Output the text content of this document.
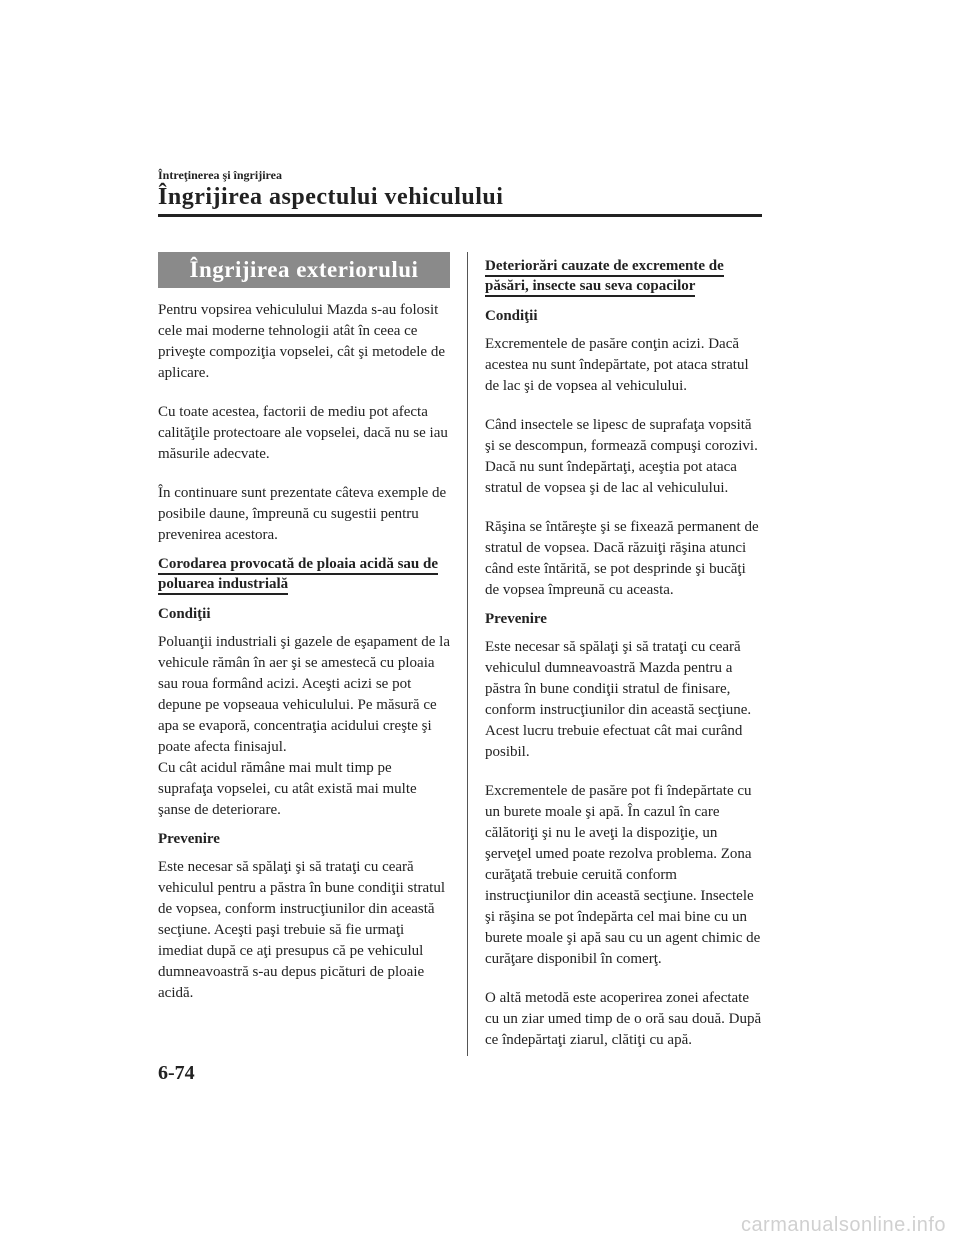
Întreţinerea şi îngrijirea
Îngrijirea aspectului vehiculului
Îngrijirea exteriorului

Pentru vopsirea vehiculului Mazda s-au folosit cele mai moderne tehnologii atât în ceea ce priveşte compoziţia vopselei, cât şi metodele de aplicare.

Cu toate acestea, factorii de mediu pot afecta calităţile protectoare ale vopselei, dacă nu se iau măsurile adecvate.

În continuare sunt prezentate câteva exemple de posibile daune, împreună cu sugestii pentru prevenirea acestora.

Corodarea provocată de ploaia acidă sau de poluarea industrială
Condiţii

Poluanţii industriali şi gazele de eşapament de la vehicule rămân în aer şi se amestecă cu ploaia sau roua formând acizi. Aceşti acizi se pot depune pe vopseaua vehiculului. Pe măsură ce apa se evaporă, concentraţia acidului creşte şi poate afecta finisajul.

Cu cât acidul rămâne mai mult timp pe suprafaţa vopselei, cu atât există mai multe şanse de deteriorare.

Prevenire

Este necesar să spălaţi şi să trataţi cu ceară vehiculul pentru a păstra în bune condiţii stratul de vopsea, conform instrucţiunilor din această secţiune. Aceşti paşi trebuie să fie urmaţi imediat după ce aţi presupus că pe vehiculul dumneavoastră s-au depus picături de ploaie acidă.

Deteriorări cauzate de excremente de păsări, insecte sau seva copacilor
Condiţii

Excrementele de pasăre conţin acizi. Dacă acestea nu sunt îndepărtate, pot ataca stratul de lac şi de vopsea al vehiculului.

Când insectele se lipesc de suprafaţa vopsită şi se descompun, formează compuşi corozivi. Dacă nu sunt îndepărtaţi, aceştia pot ataca stratul de vopsea şi de lac al vehiculului.

Răşina se întăreşte şi se fixează permanent de stratul de vopsea. Dacă răzuiţi răşina atunci când este întărită, se pot desprinde şi bucăţi de vopsea împreună cu aceasta.

Prevenire

Este necesar să spălaţi şi să trataţi cu ceară vehiculul dumneavoastră Mazda pentru a păstra în bune condiţii stratul de finisare, conform instrucţiunilor din această secţiune. Acest lucru trebuie efectuat cât mai curând posibil.

Excrementele de pasăre pot fi îndepărtate cu un burete moale şi apă. În cazul în care călătoriţi şi nu le aveţi la dispoziţie, un şerveţel umed poate rezolva problema. Zona curăţată trebuie ceruită conform instrucţiunilor din această secţiune. Insectele şi răşina se pot îndepărta cel mai bine cu un burete moale şi apă sau cu un agent chimic de curăţare disponibil în comerţ.

O altă metodă este acoperirea zonei afectate cu un ziar umed timp de o oră sau două. După ce îndepărtaţi ziarul, clătiţi cu apă.

6-74
carmanualsonline.info
